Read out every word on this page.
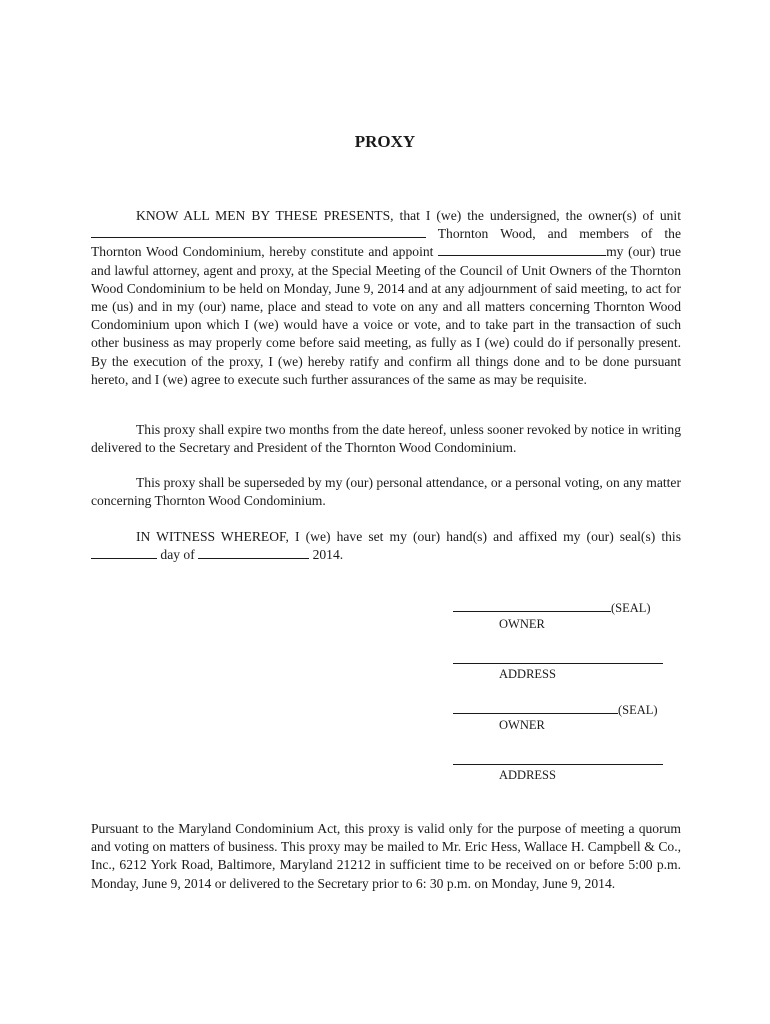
PROXY

KNOW ALL MEN BY THESE PRESENTS, that I (we) the undersigned, the owner(s) of unit  Thornton Wood, and members of the Thornton Wood Condominium, hereby constitute and appoint	my (our) true and lawful attorney, agent and proxy, at the Special Meeting of the Council of Unit Owners of the Thornton Wood Condominium to be held on Monday, June 9, 2014 and at any adjournment of said meeting, to act for me (us) and in my (our) name, place and stead to vote on any and all matters concerning Thornton Wood Condominium upon which I (we) would have a voice or vote, and to take part in the transaction of such other business as may properly come before said meeting, as fully as I (we) could do if personally present. By the execution of the proxy, I (we) hereby ratify and confirm all things done and to be done pursuant hereto, and I (we) agree to execute such further assurances of the same as may be requisite.

This proxy shall expire two months from the date hereof, unless sooner revoked by notice in writing delivered to the Secretary and President of the Thornton Wood Condominium.

This proxy shall be superseded by my (our) personal attendance, or a personal voting, on any matter concerning Thornton Wood Condominium.

IN WITNESS WHEREOF, I (we) have set my (our) hand(s) and affixed my (our) seal(s) this  day of	2014.

(SEAL)
OWNER
ADDRESS
(SEAL)
OWNER
ADDRESS

Pursuant to the Maryland Condominium Act, this proxy is valid only for the purpose of meeting a quorum and voting on matters of business. This proxy may be mailed to Mr. Eric Hess, Wallace H. Campbell & Co., Inc., 6212 York Road, Baltimore, Maryland 21212 in sufficient time to be received on or before 5:00 p.m. Monday, June 9, 2014 or delivered to the Secretary prior to 6: 30 p.m. on Monday, June 9, 2014.
